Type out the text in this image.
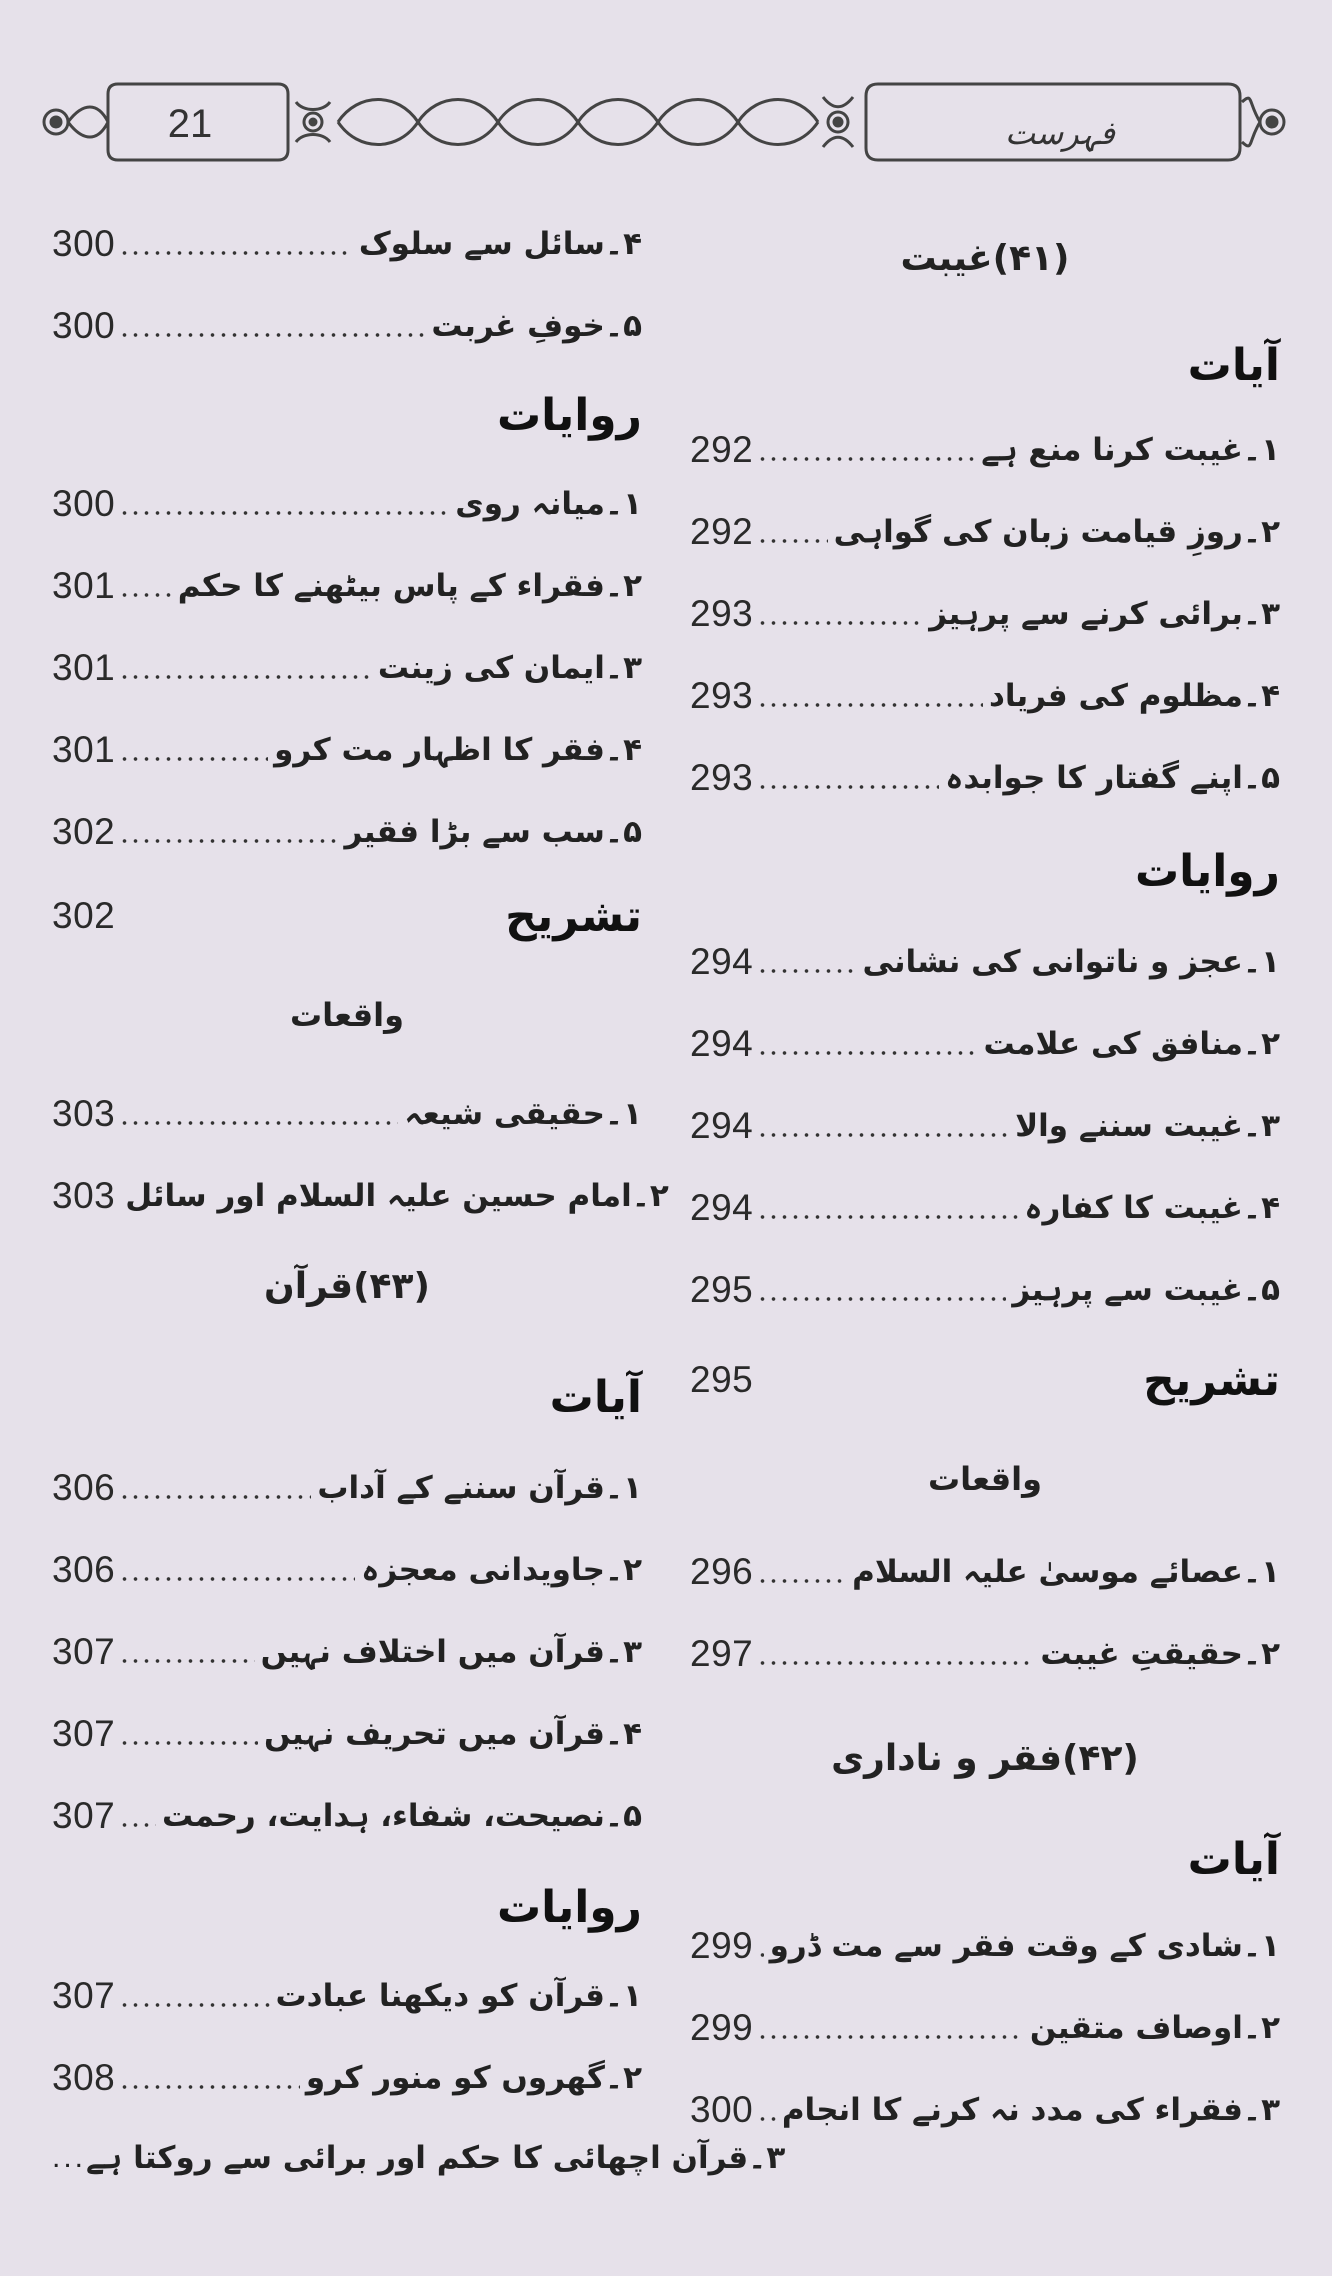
21	فہرست
(۴۱)غیبت
آیات
292	۱۔غیبت کرنا منع ہے
292	۲۔روزِ قیامت زبان کی گواہی
293	۳۔برائی کرنے سے پرہیز
293	۴۔مظلوم کی فریاد
293	۵۔اپنے گفتار کا جوابدہ
روایات
294	۱۔عجز و ناتوانی کی نشانی
294	۲۔منافق کی علامت
294	۳۔غیبت سننے والا
294	۴۔غیبت کا کفارہ
295	۵۔غیبت سے پرہیز
295	تشریح
واقعات
296	۱۔عصائے موسیٰ علیہ السلام
297	۲۔حقیقتِ غیبت
(۴۲)فقر و ناداری
آیات
299 ۱۔شادی کے وقت فقر سے مت ڈرو
299	۲۔اوصاف متقین
300 ۳۔فقراء کی مدد نہ کرنے کا انجام
300	۴۔سائل سے سلوک
300	۵۔خوفِ غربت
روایات
300	۱۔میانہ روی
301 ۲۔فقراء کے پاس بیٹھنے کا حکم
301	۳۔ایمان کی زینت
301	۴۔فقر کا اظہار مت کرو
302	۵۔سب سے بڑا فقیر
302	تشریح
واقعات
303	۱۔حقیقی شیعہ
303 ۲۔امام حسین علیہ السلام اور سائل
(۴۳)قرآن
آیات
306	۱۔قرآن سننے کے آداب
306	۲۔جاویدانی معجزہ
307	۳۔قرآن میں اختلاف نہیں
307	۴۔قرآن میں تحریف نہیں
307 ۵۔نصیحت، شفاء، ہدایت، رحمت
روایات
307	۱۔قرآن کو دیکھنا عبادت
308	۲۔گھروں کو منور کرو
... ۳۔قرآن اچھائی کا حکم اور برائی سے روکتا ہے
